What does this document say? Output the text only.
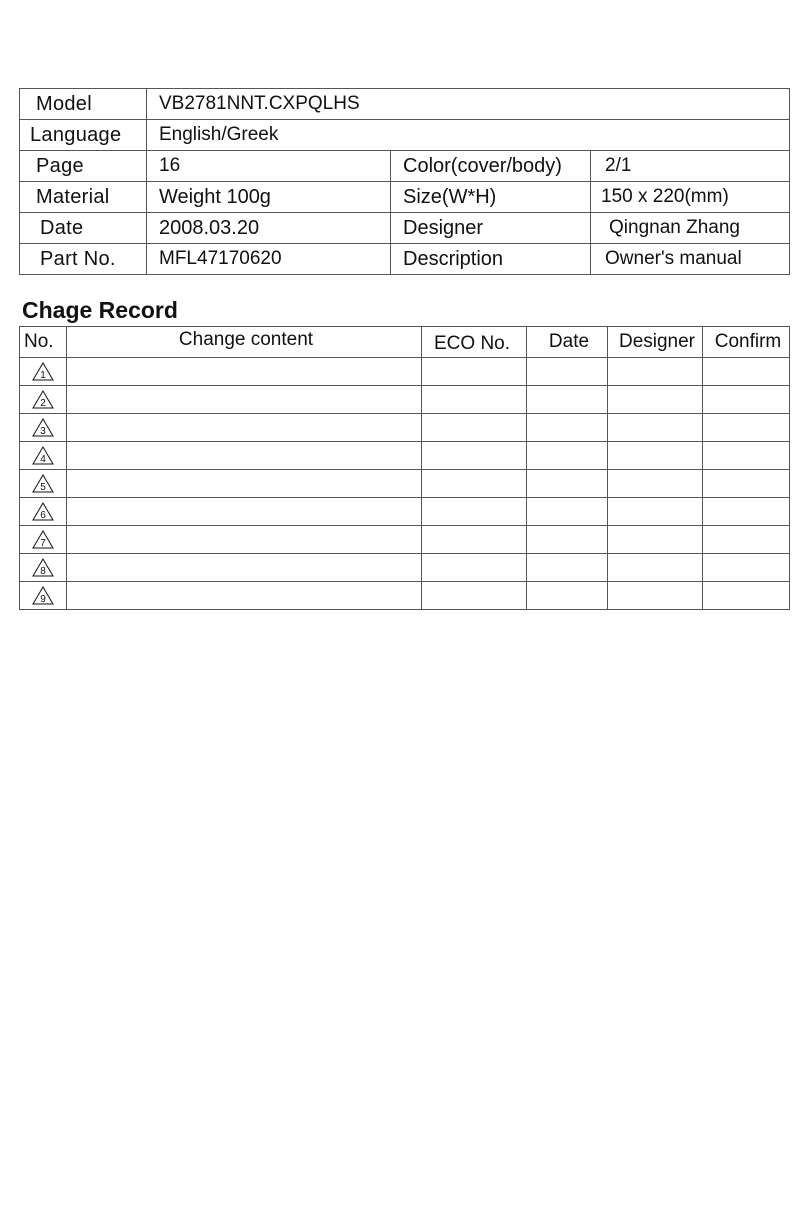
Model	VB2781NNT.CXPQLHS		
Language	English/Greek		
Page	16	Color(cover/body)	2/1
Material	Weight 100g	Size(W*H)	150 x 220(mm)
Date	2008.03.20	Designer	Qingnan Zhang
Part No.	MFL47170620	Description	Owner's manual
Chage Record
No.	Change content	ECO No.	Date	Designer	Confirm

1					

2					

3					

4					

5					

6					

7					

8					

9					
